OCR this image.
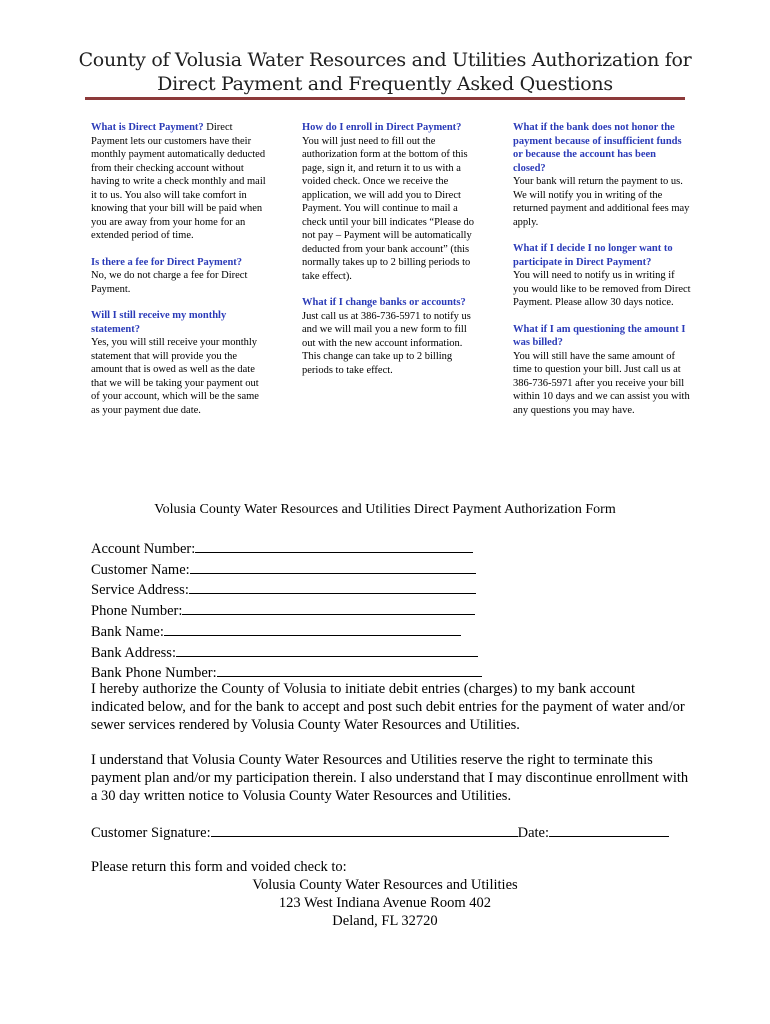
County of Volusia Water Resources and Utilities Authorization for
Direct Payment and Frequently Asked Questions
What is Direct Payment? Direct Payment lets our customers have their monthly payment automatically deducted from their checking account without having to write a check monthly and mail it to us. You also will take comfort in knowing that your bill will be paid when you are away from your home for an extended period of time.
Is there a fee for Direct Payment?
No, we do not charge a fee for Direct Payment.
Will I still receive my monthly statement?
Yes, you will still receive your monthly statement that will provide you the amount that is owed as well as the date that we will be taking your payment out of your account, which will be the same as your payment due date.
How do I enroll in Direct Payment?
You will just need to fill out the authorization form at the bottom of this page, sign it, and return it to us with a voided check. Once we receive the application, we will add you to Direct Payment. You will continue to mail a check until your bill indicates “Please do not pay – Payment will be automatically deducted from your bank account” (this normally takes up to 2 billing periods to take effect).
What if I change banks or accounts?
Just call us at 386-736-5971 to notify us and we will mail you a new form to fill out with the new account information. This change can take up to 2 billing periods to take effect.
What if the bank does not honor the payment because of insufficient funds or because the account has been closed?
Your bank will return the payment to us. We will notify you in writing of the returned payment and additional fees may apply.
What if I decide I no longer want to participate in Direct Payment?
You will need to notify us in writing if you would like to be removed from Direct Payment. Please allow 30 days notice.
What if I am questioning the amount I was billed?
You will still have the same amount of time to question your bill. Just call us at 386-736-5971 after you receive your bill within 10 days and we can assist you with any questions you may have.
Volusia County Water Resources and Utilities Direct Payment Authorization Form
Account Number:
Customer Name:
Service Address:
Phone Number:
Bank Name:
Bank Address:
Bank Phone Number:
I hereby authorize the County of Volusia to initiate debit entries (charges) to my bank account indicated below, and for the bank to accept and post such debit entries for the payment of water and/or sewer services rendered by Volusia County Water Resources and Utilities.
I understand that Volusia County Water Resources and Utilities reserve the right to terminate this payment plan and/or my participation therein. I also understand that I may discontinue enrollment with a 30 day written notice to Volusia County Water Resources and Utilities.
Customer Signature:	Date:
Please return this form and voided check to:
Volusia County Water Resources and Utilities
123 West Indiana Avenue Room 402
Deland, FL 32720
